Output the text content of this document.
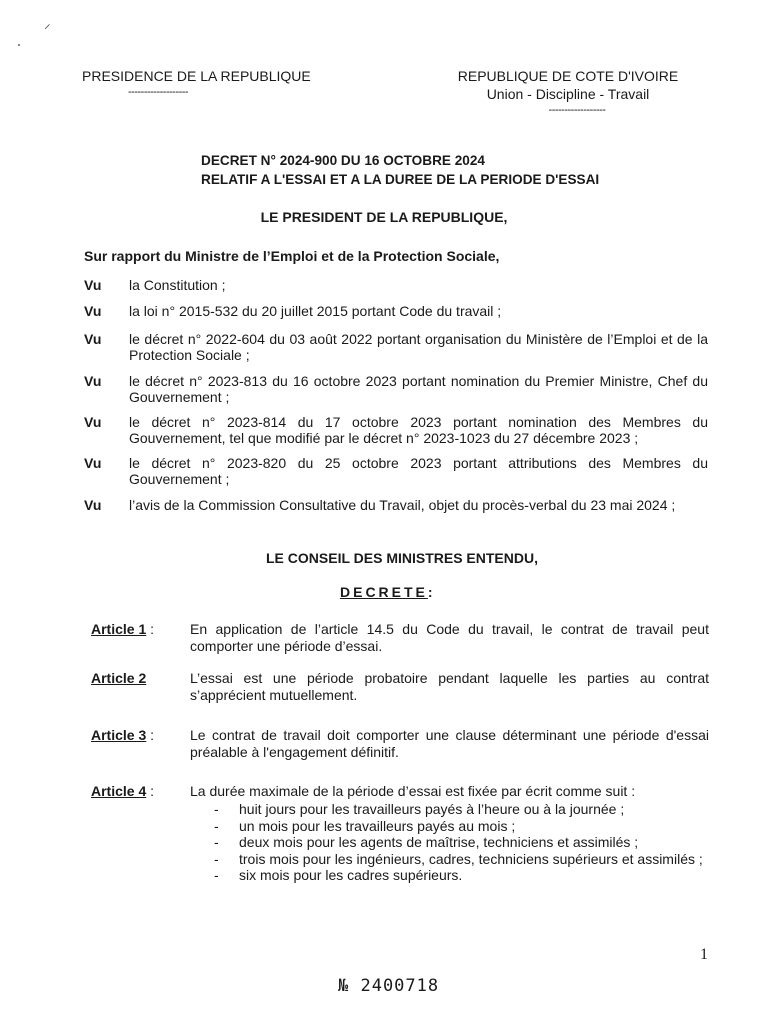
⸝
PRESIDENCE DE LA REPUBLIQUE
-------------------
REPUBLIQUE DE COTE D'IVOIRE
Union - Discipline - Travail
------------------
DECRET N° 2024-900 DU 16 OCTOBRE 2024
RELATIF A L'ESSAI ET A LA DUREE DE LA PERIODE D'ESSAI
LE PRESIDENT DE LA REPUBLIQUE,
Sur rapport du Ministre de l’Emploi et de la Protection Sociale,
Vu la Constitution ;
Vu la loi n° 2015-532 du 20 juillet 2015 portant Code du travail ;
Vu le décret n° 2022-604 du 03 août 2022 portant organisation du Ministère de l’Emploi et de la Protection Sociale ;
Vu le décret n° 2023-813 du 16 octobre 2023 portant nomination du Premier Ministre, Chef du Gouvernement ;
Vu le décret n° 2023-814 du 17 octobre 2023 portant nomination des Membres du Gouvernement, tel que modifié par le décret n° 2023-1023 du 27 décembre 2023 ;
Vu le décret n° 2023-820 du 25 octobre 2023 portant attributions des Membres du Gouvernement ;
Vu l’avis de la Commission Consultative du Travail, objet du procès-verbal du 23 mai 2024 ;
LE CONSEIL DES MINISTRES ENTENDU,
DECRETE:
Article 1 :	En application de l’article 14.5 du Code du travail, le contrat de travail peut comporter une période d’essai.
Article 2	L’essai est une période probatoire pendant laquelle les parties au contrat s’apprécient mutuellement.
Article 3 :	Le contrat de travail doit comporter une clause déterminant une période d'essai préalable à l'engagement définitif.
Article 4 :	La durée maximale de la période d’essai est fixée par écrit comme suit :
- huit jours pour les travailleurs payés à l’heure ou à la journée ;
- un mois pour les travailleurs payés au mois ;
- deux mois pour les agents de maîtrise, techniciens et assimilés ;
- trois mois pour les ingénieurs, cadres, techniciens supérieurs et assimilés ;
- six mois pour les cadres supérieurs.
1
№ 2400718
